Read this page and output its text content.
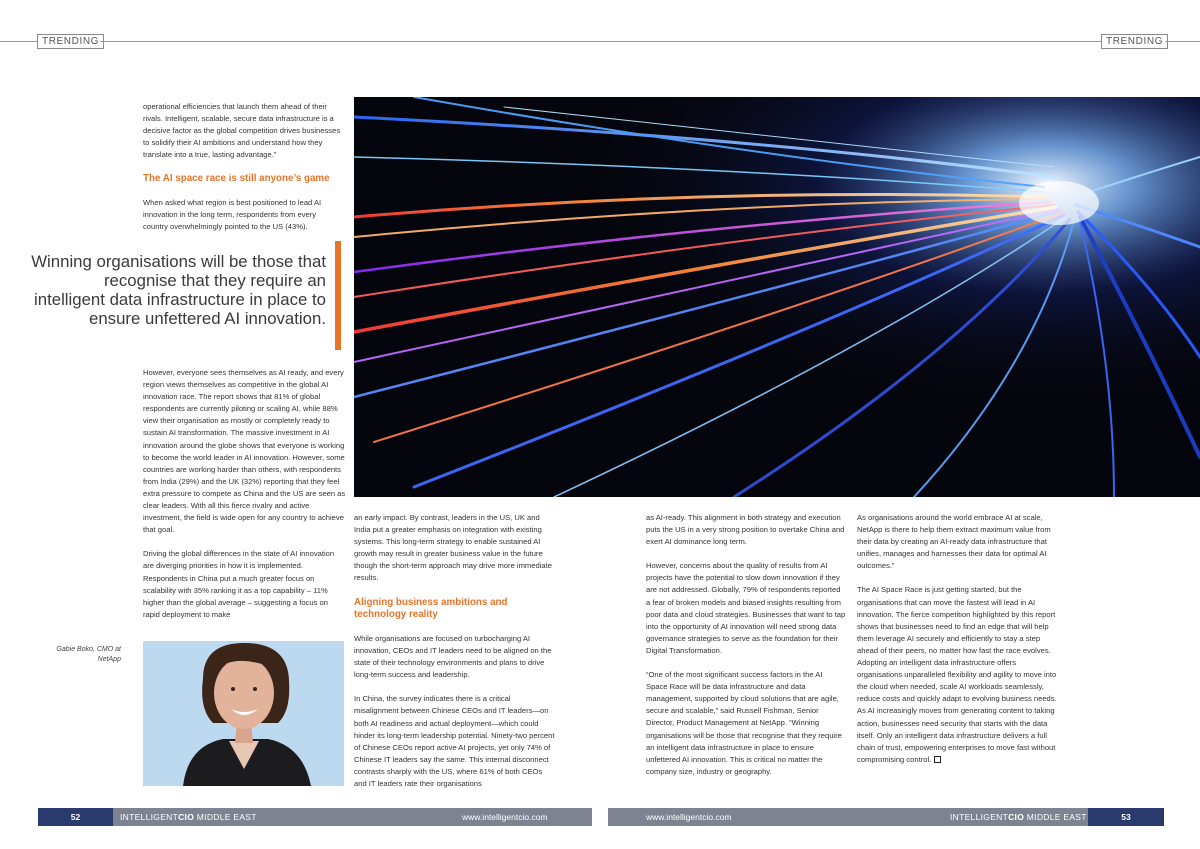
TRENDING	TRENDING
operational efficiencies that launch them ahead of their rivals. Intelligent, scalable, secure data infrastructure is a decisive factor as the global competition drives businesses to solidify their AI ambitions and understand how they translate into a true, lasting advantage.”
The AI space race is still anyone’s game
When asked what region is best positioned to lead AI innovation in the long term, respondents from every country overwhelmingly pointed to the US (43%).
Winning organisations will be those that recognise that they require an intelligent data infrastructure in place to ensure unfettered AI innovation.
However, everyone sees themselves as AI ready, and every region views themselves as competitive in the global AI innovation race. The report shows that 81% of global respondents are currently piloting or scaling AI, while 88% view their organisation as mostly or completely ready to sustain AI transformation. The massive investment in AI innovation around the globe shows that everyone is working to become the world leader in AI innovation. However, some countries are working harder than others, with respondents from India (29%) and the UK (32%) reporting that they feel extra pressure to compete as China and the US are seen as clear leaders. With all this fierce rivalry and active investment, the field is wide open for any country to achieve that goal.
Driving the global differences in the state of AI innovation are diverging priorities in how it is implemented. Respondents in China put a much greater focus on scalability with 35% ranking it as a top capability – 11% higher than the global average – suggesting a focus on rapid deployment to make
Gabie Boko, CMO at NetApp
an early impact. By contrast, leaders in the US, UK and India put a greater emphasis on integration with existing systems. This long-term strategy to enable sustained AI growth may result in greater business value in the future though the short-term approach may drive more immediate results.
Aligning business ambitions and technology reality
While organisations are focused on turbocharging AI innovation, CEOs and IT leaders need to be aligned on the state of their technology environments and plans to drive long-term success and leadership.
In China, the survey indicates there is a critical misalignment between Chinese CEOs and IT leaders—on both AI readiness and actual deployment—which could hinder its long-term leadership potential. Ninety-two percent of Chinese CEOs report active AI projects, yet only 74% of Chinese IT leaders say the same. This internal disconnect contrasts sharply with the US, where 61% of both CEOs and IT leaders rate their organisations
as AI-ready. This alignment in both strategy and execution puts the US in a very strong position to overtake China and exert AI dominance long term.
However, concerns about the quality of results from AI projects have the potential to slow down innovation if they are not addressed. Globally, 79% of respondents reported a fear of broken models and biased insights resulting from poor data and cloud strategies. Businesses that want to tap into the opportunity of AI innovation will need strong data governance strategies to serve as the foundation for their Digital Transformation.
“One of the most significant success factors in the AI Space Race will be data infrastructure and data management, supported by cloud solutions that are agile, secure and scalable,” said Russell Fishman, Senior Director, Product Management at NetApp. “Winning organisations will be those that recognise that they require an intelligent data infrastructure in place to ensure unfettered AI innovation. This is critical no matter the company size, industry or geography.
As organisations around the world embrace AI at scale, NetApp is there to help them extract maximum value from their data by creating an AI-ready data infrastructure that unifies, manages and harnesses their data for optimal AI outcomes.”
The AI Space Race is just getting started, but the organisations that can move the fastest will lead in AI innovation. The fierce competition highlighted by this report shows that businesses need to find an edge that will help them leverage AI securely and efficiently to stay a step ahead of their peers, no matter how fast the race evolves. Adopting an intelligent data infrastructure offers organisations unparalleled flexibility and agility to move into the cloud when needed, scale AI workloads seamlessly, reduce costs and quickly adapt to evolving business needs. As AI increasingly moves from generating content to taking action, businesses need security that starts with the data itself. Only an intelligent data infrastructure delivers a full chain of trust, empowering enterprises to move fast without compromising control.
52	INTELLIGENTCIO MIDDLE EAST	www.intelligentcio.com	www.intelligentcio.com	INTELLIGENTCIO MIDDLE EAST	53
